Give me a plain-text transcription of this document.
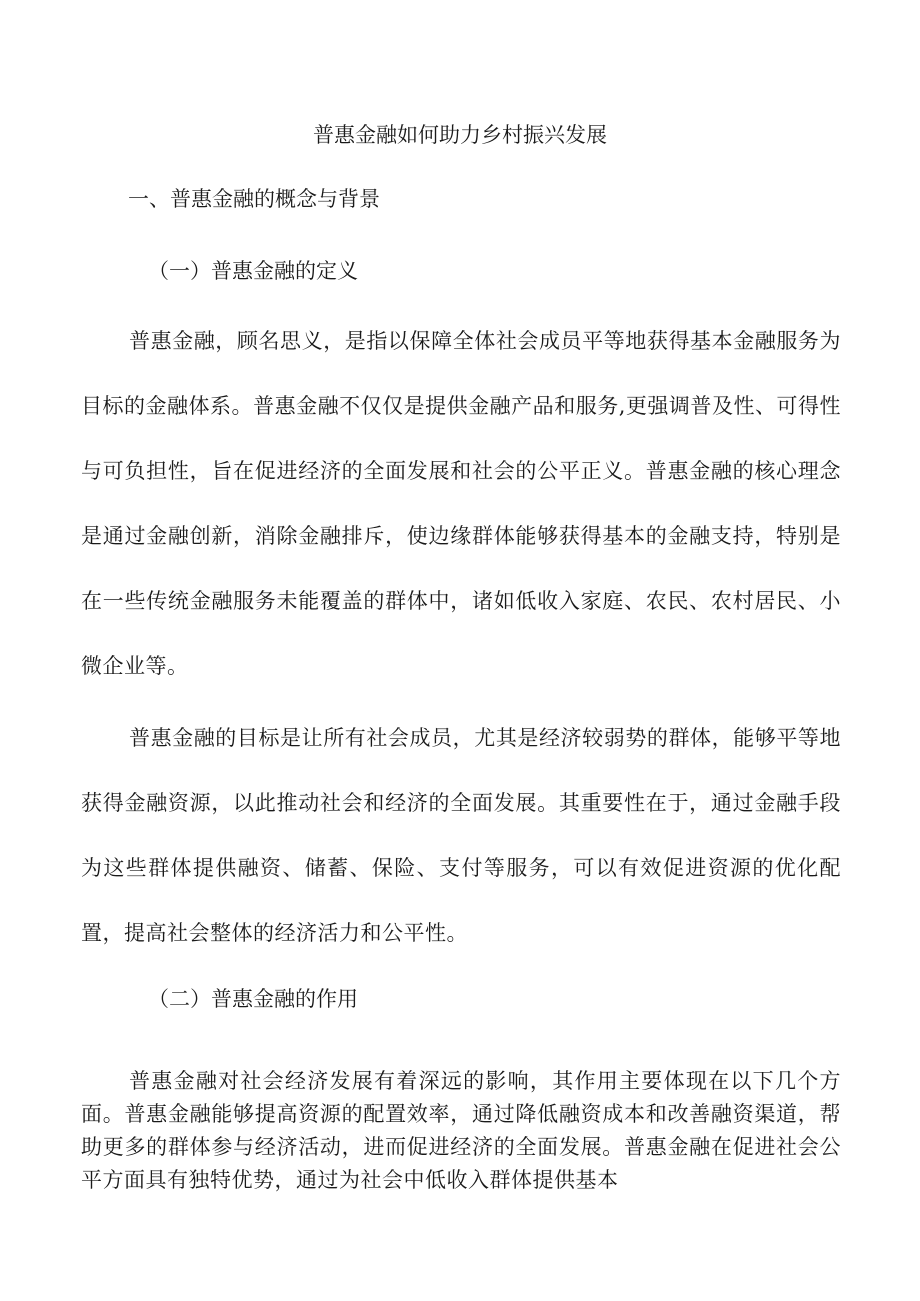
普惠金融如何助力乡村振兴发展
一、普惠金融的概念与背景
（一）普惠金融的定义

普惠金融，顾名思义，是指以保障全体社会成员平等地获得基本金融服务为目标的金融体系。普惠金融不仅仅是提供金融产品和服务,更强调普及性、可得性与可负担性，旨在促进经济的全面发展和社会的公平正义。普惠金融的核心理念是通过金融创新，消除金融排斥，使边缘群体能够获得基本的金融支持，特别是在一些传统金融服务未能覆盖的群体中，诸如低收入家庭、农民、农村居民、小微企业等。

普惠金融的目标是让所有社会成员，尤其是经济较弱势的群体，能够平等地获得金融资源，以此推动社会和经济的全面发展。其重要性在于，通过金融手段为这些群体提供融资、储蓄、保险、支付等服务，可以有效促进资源的优化配置，提高社会整体的经济活力和公平性。

（二）普惠金融的作用

普惠金融对社会经济发展有着深远的影响，其作用主要体现在以下几个方面。普惠金融能够提高资源的配置效率，通过降低融资成本和改善融资渠道，帮助更多的群体参与经济活动，进而促进经济的全面发展。普惠金融在促进社会公平方面具有独特优势，通过为社会中低收入群体提供基本
